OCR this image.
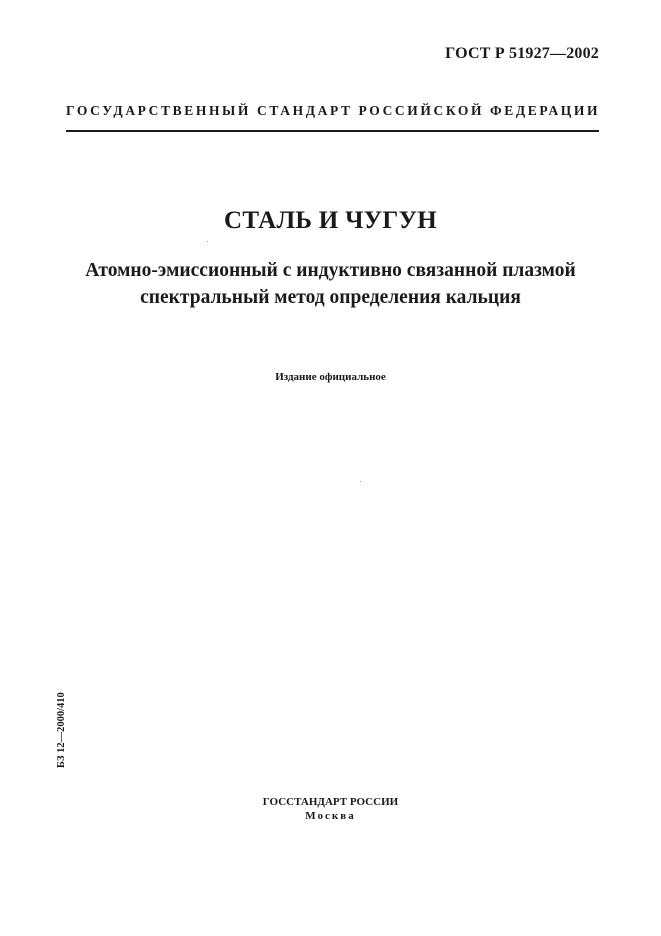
ГОСТ Р 51927—2002
ГОСУДАРСТВЕННЫЙ СТАНДАРТ РОССИЙСКОЙ ФЕДЕРАЦИИ
СТАЛЬ И ЧУГУН
Атомно-эмиссионный с индуктивно связанной плазмой
спектральный метод определения кальция
Издание официальное
БЗ 12—2000/410
ГОССТАНДАРТ РОССИИ
Москва
